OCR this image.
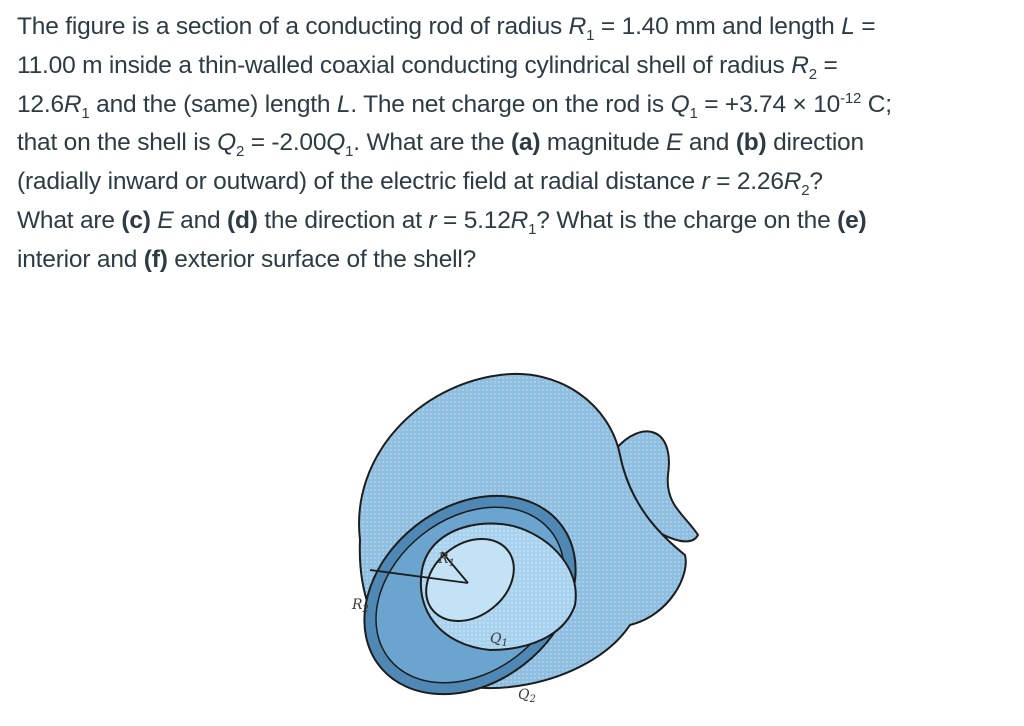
The figure is a section of a conducting rod of radius $R_1 = 1.40$ mm and length L =
11.00 m inside a thin-walled coaxial conducting cylindrical shell of radius $R_2$ =
$12.6R_1$ and the (same) length L. The net charge on the rod is $Q_1 = +3.74 \times 10^{-12}$ C;
that on the shell is $Q_2 = -2.00Q_1$. What are the (a) magnitude E and (b) direction
(radially inward or outward) of the electric field at radial distance $r = 2.26R_2$?
What are (c) E and (d) the direction at $r = 5.12R_1$? What is the charge on the (e)
interior and (f) exterior surface of the shell?
$R_1$
$R_2$
$Q_1$
$Q_2$
